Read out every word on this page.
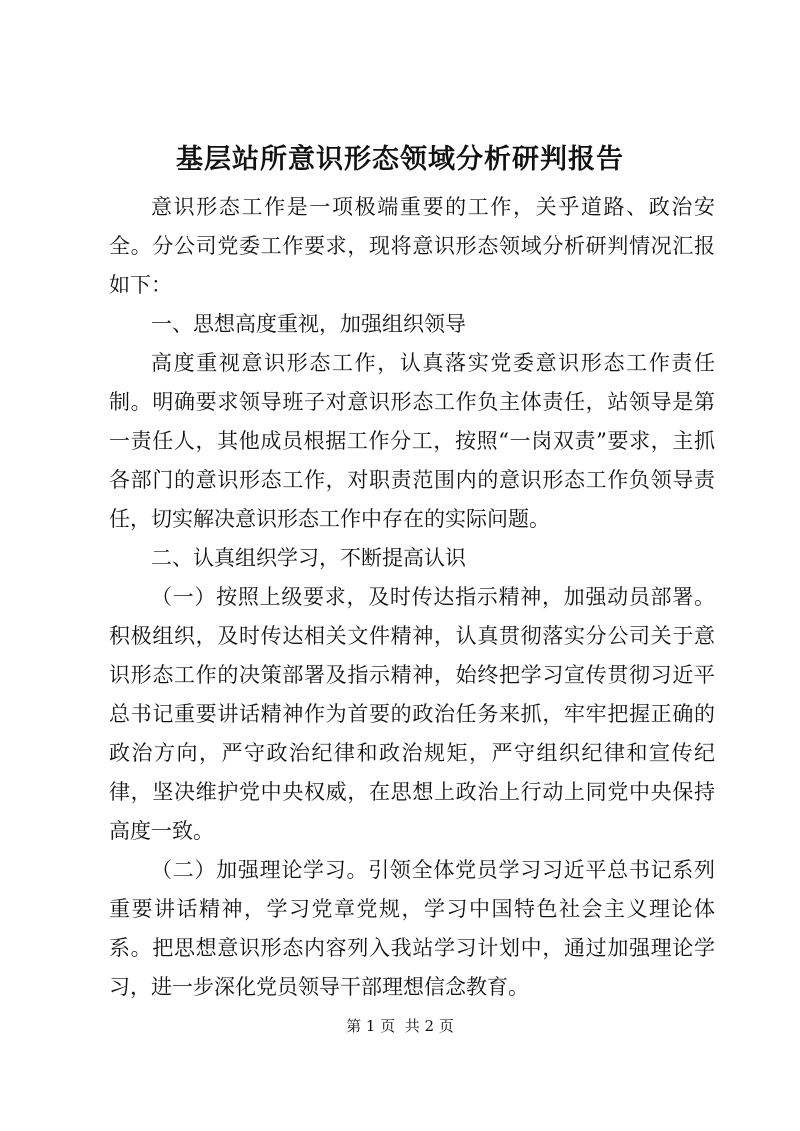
基层站所意识形态领域分析研判报告

意识形态工作是一项极端重要的工作，关乎道路、政治安全。分公司党委工作要求，现将意识形态领域分析研判情况汇报如下：

一、思想高度重视，加强组织领导

高度重视意识形态工作，认真落实党委意识形态工作责任制。明确要求领导班子对意识形态工作负主体责任，站领导是第一责任人，其他成员根据工作分工，按照“一岗双责”要求，主抓各部门的意识形态工作，对职责范围内的意识形态工作负领导责任，切实解决意识形态工作中存在的实际问题。

二、认真组织学习，不断提高认识

（一）按照上级要求，及时传达指示精神，加强动员部署。积极组织，及时传达相关文件精神，认真贯彻落实分公司关于意识形态工作的决策部署及指示精神，始终把学习宣传贯彻习近平总书记重要讲话精神作为首要的政治任务来抓，牢牢把握正确的政治方向，严守政治纪律和政治规矩，严守组织纪律和宣传纪律，坚决维护党中央权威，在思想上政治上行动上同党中央保持高度一致。

（二）加强理论学习。引领全体党员学习习近平总书记系列重要讲话精神，学习党章党规，学习中国特色社会主义理论体系。把思想意识形态内容列入我站学习计划中，通过加强理论学习，进一步深化党员领导干部理想信念教育。

第 1 页  共 2 页
